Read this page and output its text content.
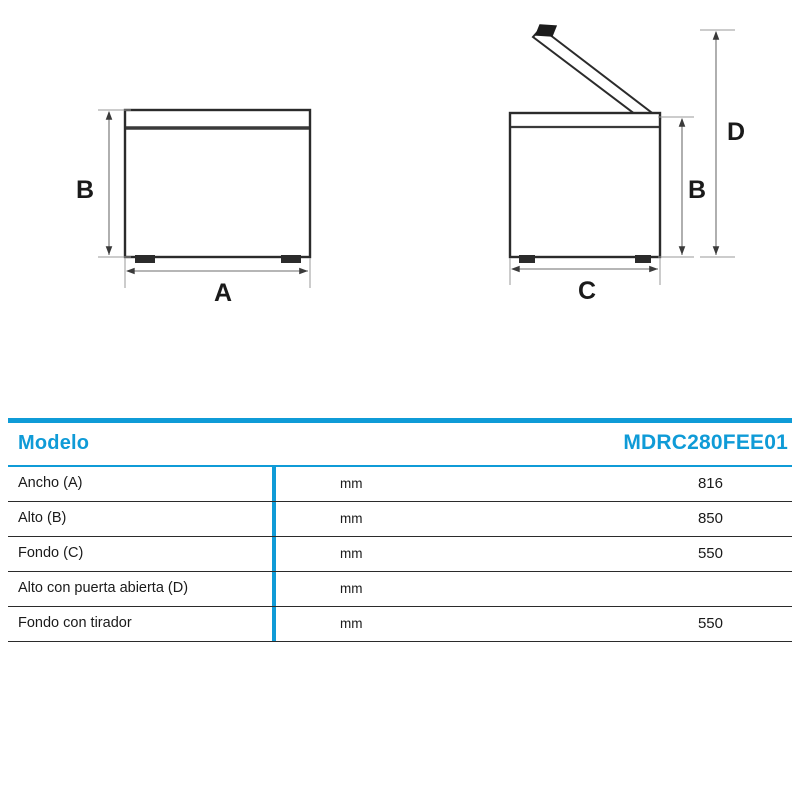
B
A
B
D
C
Modelo	MDRC280FEE01
Ancho (A)	mm	816
Alto (B)	mm	850
Fondo (C)	mm	550
Alto con puerta abierta (D)	mm
Fondo con tirador	mm	550
